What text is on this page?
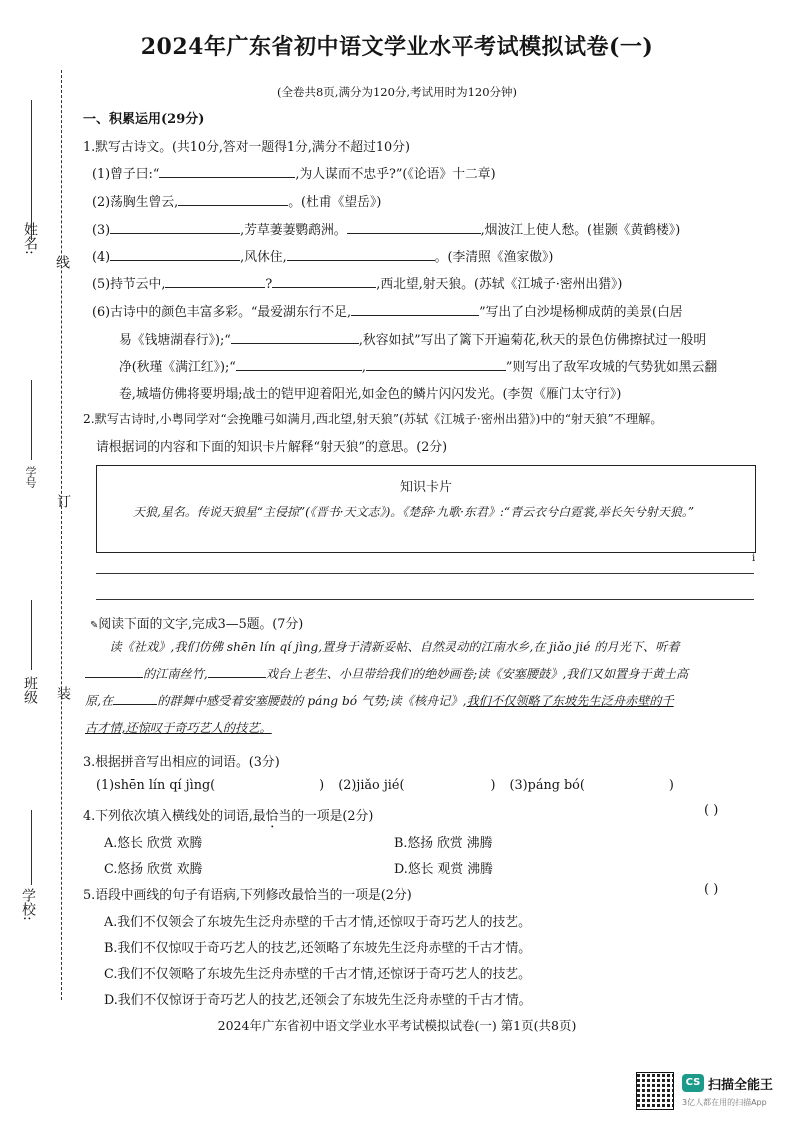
2024年广东省初中语文学业水平考试模拟试卷(一)
(全卷共8页,满分为120分,考试用时为120分钟)
姓名:
线
学号
订
班级 装
学校:
一、积累运用(29分)
1.默写古诗文。(共10分,答对一题得1分,满分不超过10分)
(1)曾子曰:“	,为人谋而不忠乎?”(《论语》十二章)
(2)荡胸生曾云,	。(杜甫《望岳》)
(3)	,芳草萋萋鹦鹉洲。	,烟波江上使人愁。(崔颢《黄鹤楼》)
(4)	,风休住,	。(李清照《渔家傲》)
(5)持节云中,	?	,西北望,射天狼。(苏轼《江城子·密州出猎》)
(6)古诗中的颜色丰富多彩。“最爱湖东行不足,	”写出了白沙堤杨柳成荫的美景(白居
易《钱塘湖春行》);“	,秋容如拭”写出了篱下开遍菊花,秋天的景色仿佛擦拭过一般明
净(秋瑾《满江红》);“	,	”则写出了敌军攻城的气势犹如黑云翻
卷,城墙仿佛将要坍塌;战士的铠甲迎着阳光,如金色的鳞片闪闪发光。(李贺《雁门太守行》)
2.默写古诗时,小粤同学对“会挽雕弓如满月,西北望,射天狼”(苏轼《江城子·密州出猎》)中的“射天狼”不理解。
请根据词的内容和下面的知识卡片解释“射天狼”的意思。(2分)
知识卡片
天狼,星名。传说天狼星“主侵掠”(《晋书·天文志》)。《楚辞·九歌·东君》:“青云衣兮白霓裳,举长矢兮射天狼。”
i
✎阅读下面的文字,完成3—5题。(7分)
读《社戏》,我们仿佛 shēn lín qí jìng,置身于清新妥帖、自然灵动的江南水乡,在 jiǎo jié 的月光下、听着
的江南丝竹,	戏台上老生、小旦带给我们的绝妙画卷;读《安塞腰鼓》,我们又如置身于黄土高
原,在	的群舞中感受着安塞腰鼓的 páng bó 气势;读《核舟记》,我们不仅领略了东坡先生泛舟赤壁的千
古才情,还惊叹于奇巧艺人的技艺。
3.根据拼音写出相应的词语。(3分)
(1)shēn lín qí jìng(	) (2)jiǎo jié(	) (3)páng bó(	)
4.下列依次填入横线处的词语,最恰当的一项是(2分)	( )
A.悠长 欣赏 欢腾	B.悠扬 欣赏 沸腾
C.悠扬 欣赏 欢腾	D.悠长 观赏 沸腾
5.语段中画线的句子有语病,下列修改最恰当的一项是(2分)	( )
A.我们不仅领会了东坡先生泛舟赤壁的千古才情,还惊叹于奇巧艺人的技艺。
B.我们不仅惊叹于奇巧艺人的技艺,还领略了东坡先生泛舟赤壁的千古才情。
C.我们不仅领略了东坡先生泛舟赤壁的千古才情,还惊讶于奇巧艺人的技艺。
D.我们不仅惊讶于奇巧艺人的技艺,还领会了东坡先生泛舟赤壁的千古才情。
2024年广东省初中语文学业水平考试模拟试卷(一) 第1页(共8页)
CS 扫描全能王
3亿人都在用的扫描App
